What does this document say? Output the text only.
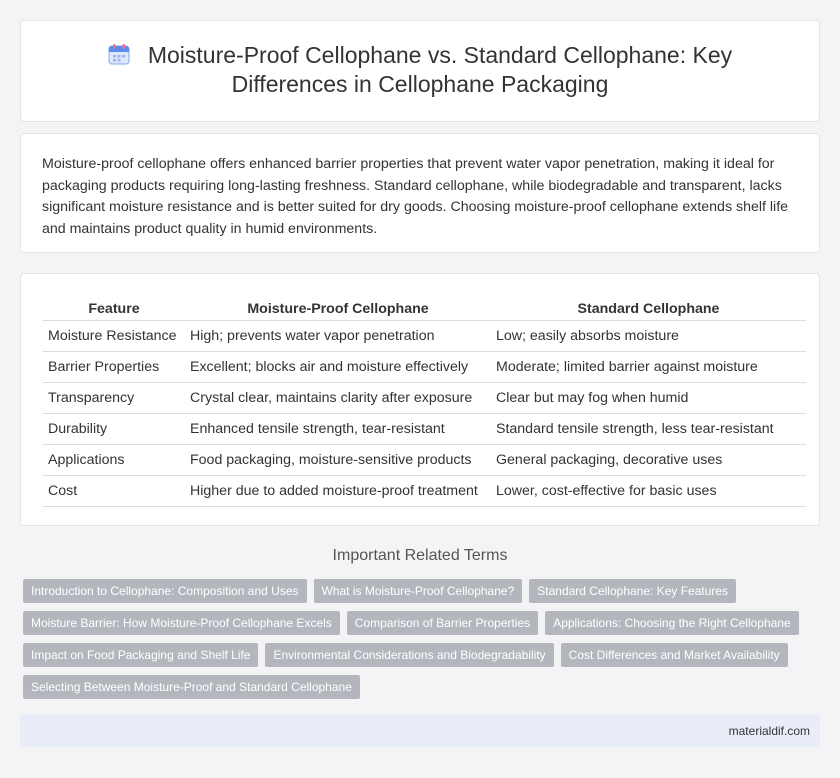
Moisture-Proof Cellophane vs. Standard Cellophane: Key
Differences in Cellophane Packaging

Moisture-proof cellophane offers enhanced barrier properties that prevent water vapor penetration, making it ideal for packaging products requiring long-lasting freshness. Standard cellophane, while biodegradable and transparent, lacks significant moisture resistance and is better suited for dry goods. Choosing moisture-proof cellophane extends shelf life and maintains product quality in humid environments.

Feature	Moisture-Proof Cellophane	Standard Cellophane
Moisture Resistance	High; prevents water vapor penetration	Low; easily absorbs moisture
Barrier Properties	Excellent; blocks air and moisture effectively	Moderate; limited barrier against moisture
Transparency	Crystal clear, maintains clarity after exposure	Clear but may fog when humid
Durability	Enhanced tensile strength, tear-resistant	Standard tensile strength, less tear-resistant
Applications	Food packaging, moisture-sensitive products	General packaging, decorative uses
Cost	Higher due to added moisture-proof treatment	Lower, cost-effective for basic uses
Important Related Terms
Introduction to Cellophane: Composition and Uses	What is Moisture-Proof Cellophane?	Standard Cellophane: Key Features
Moisture Barrier: How Moisture-Proof Cellophane Excels	Comparison of Barrier Properties	Applications: Choosing the Right Cellophane
Impact on Food Packaging and Shelf Life	Environmental Considerations and Biodegradability	Cost Differences and Market Availability
Selecting Between Moisture-Proof and Standard Cellophane
materialdif.com
